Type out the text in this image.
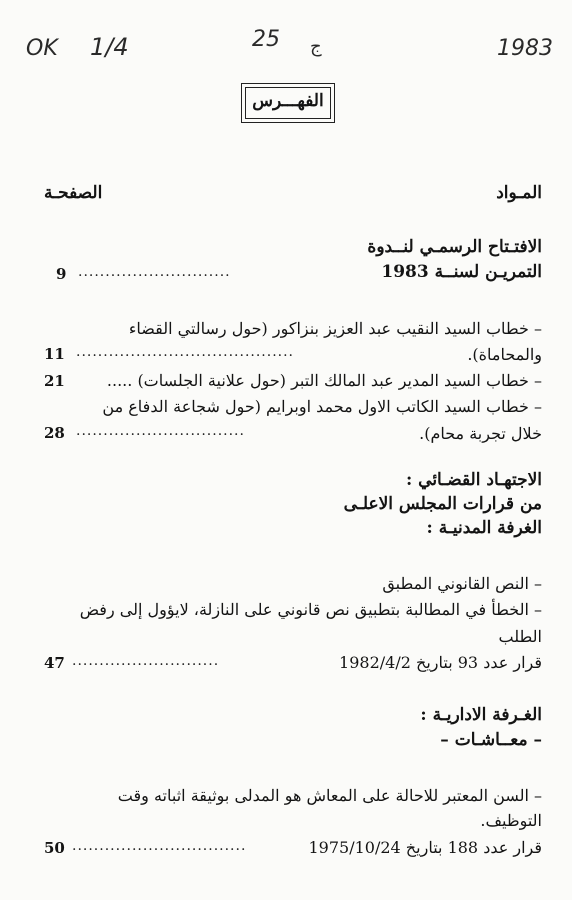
OK 1/4	25 ج	1983
الفهـــرس
المـواد
الصفحـة
الافتـتاح الرسمـي لنــدوة
التمريـن لسنــة 1983
............................
9
– خطاب السيد النقيب عبد العزيز بنزاكور (حول رسالتي القضاء
والمحاماة).
........................................
11
– خطاب السيد المدير عبد المالك التبر (حول علانية الجلسات) .....
21
– خطاب السيد الكاتب الاول محمد اوبرايم (حول شجاعة الدفاع من
خلال تجربة محام).
...............................
28
الاجتهـاد القضـائي :
من قرارات المجلس الاعلـى
الغرفة المدنيـة :
– النص القانوني المطبق
– الخطأ في المطالبة بتطبيق نص قانوني على النازلة، لايؤول إلى رفض
الطلب
قرار عدد 93 بتاريخ 1982/4/2
...........................
47
الغـرفة الاداريـة :
– معــاشـات –
– السن المعتبر للاحالة على المعاش هو المدلى بوثيقة اثباته وقت
التوظيف.
قرار عدد 188 بتاريخ 1975/10/24
................................
50
